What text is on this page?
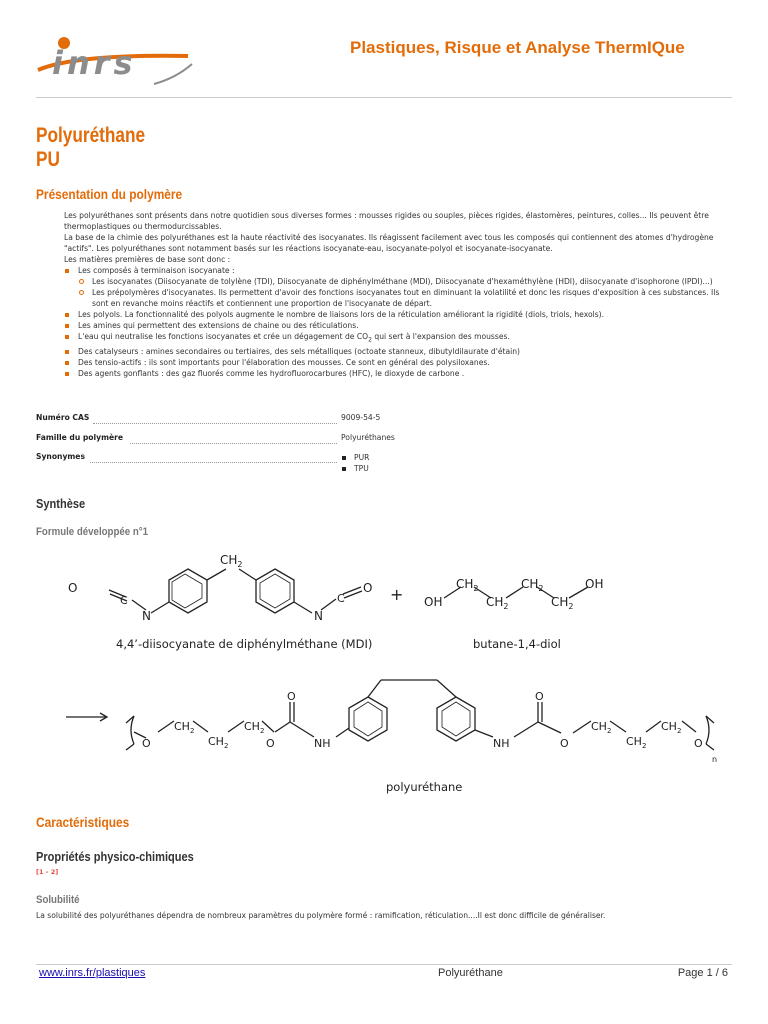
inrs	Plastiques, Risque et Analyse ThermIQue
Polyuréthane
PU
Présentation du polymère

Les polyuréthanes sont présents dans notre quotidien sous diverses formes : mousses rigides ou souples, pièces rigides, élastomères, peintures, colles... Ils peuvent être thermoplastiques ou thermodurcissables.

La base de la chimie des polyuréthanes est la haute réactivité des isocyanates. Ils réagissent facilement avec tous les composés qui contiennent des atomes d'hydrogène "actifs". Les polyuréthanes sont notamment basés sur les réactions isocyanate-eau, isocyanate-polyol et isocyanate-isocyanate.

Les matières premières de base sont donc :

Les composés à terminaison isocyanate :
Les isocyanates (Diisocyanate de tolylène (TDI), Diisocyanate de diphénylméthane (MDI), Diisocyanate d'hexaméthylène (HDI), diisocyanate d'isophorone (IPDI)...)
Les prépolymères d'isocyanates. Ils permettent d'avoir des fonctions isocyanates tout en diminuant la volatilité et donc les risques d'exposition à ces substances. Ils sont en revanche moins réactifs et contiennent une proportion de l'isocyanate de départ.
Les polyols. La fonctionnalité des polyols augmente le nombre de liaisons lors de la réticulation améliorant la rigidité (diols, triols, hexols).
Les amines qui permettent des extensions de chaine ou des réticulations.
L'eau qui neutralise les fonctions isocyanates et crée un dégagement de $CO_2$ qui sert à l'expansion des mousses.
Des catalyseurs : amines secondaires ou tertiaires, des sels métalliques (octoate stanneux, dibutyldilaurate d'étain)
Des tensio-actifs : ils sont importants pour l'élaboration des mousses. Ce sont en général des polysiloxanes.
Des agents gonflants : des gaz fluorés comme les hydrofluorocarbures (HFC), le dioxyde de carbone .
Numéro CAS	9009-54-5
Famille du polymère	Polyuréthanes
Synonymes	PUR
TPU
Synthèse
Formule développée n°1
$CH_2$
O
C
N	N
C
O + OH
$CH_2$
$CH_2$
$CH_2$
$CH_2$
OH
4,4’-diisocyanate de diphénylméthane (MDI)	butane-1,4-diol
O
$CH_2$
$CH_2$
$CH_2$
O
O
NH	NH
O
O
$CH_2$
$CH_2$
$CH_2$
O
n
polyuréthane
Caractéristiques
Propriétés physico-chimiques
[1 - 2]
Solubilité
La solubilité des polyuréthanes dépendra de nombreux paramètres du polymère formé : ramification, réticulation....Il est donc difficile de généraliser.
www.inrs.fr/plastiques	Polyuréthane	Page 1 / 6
